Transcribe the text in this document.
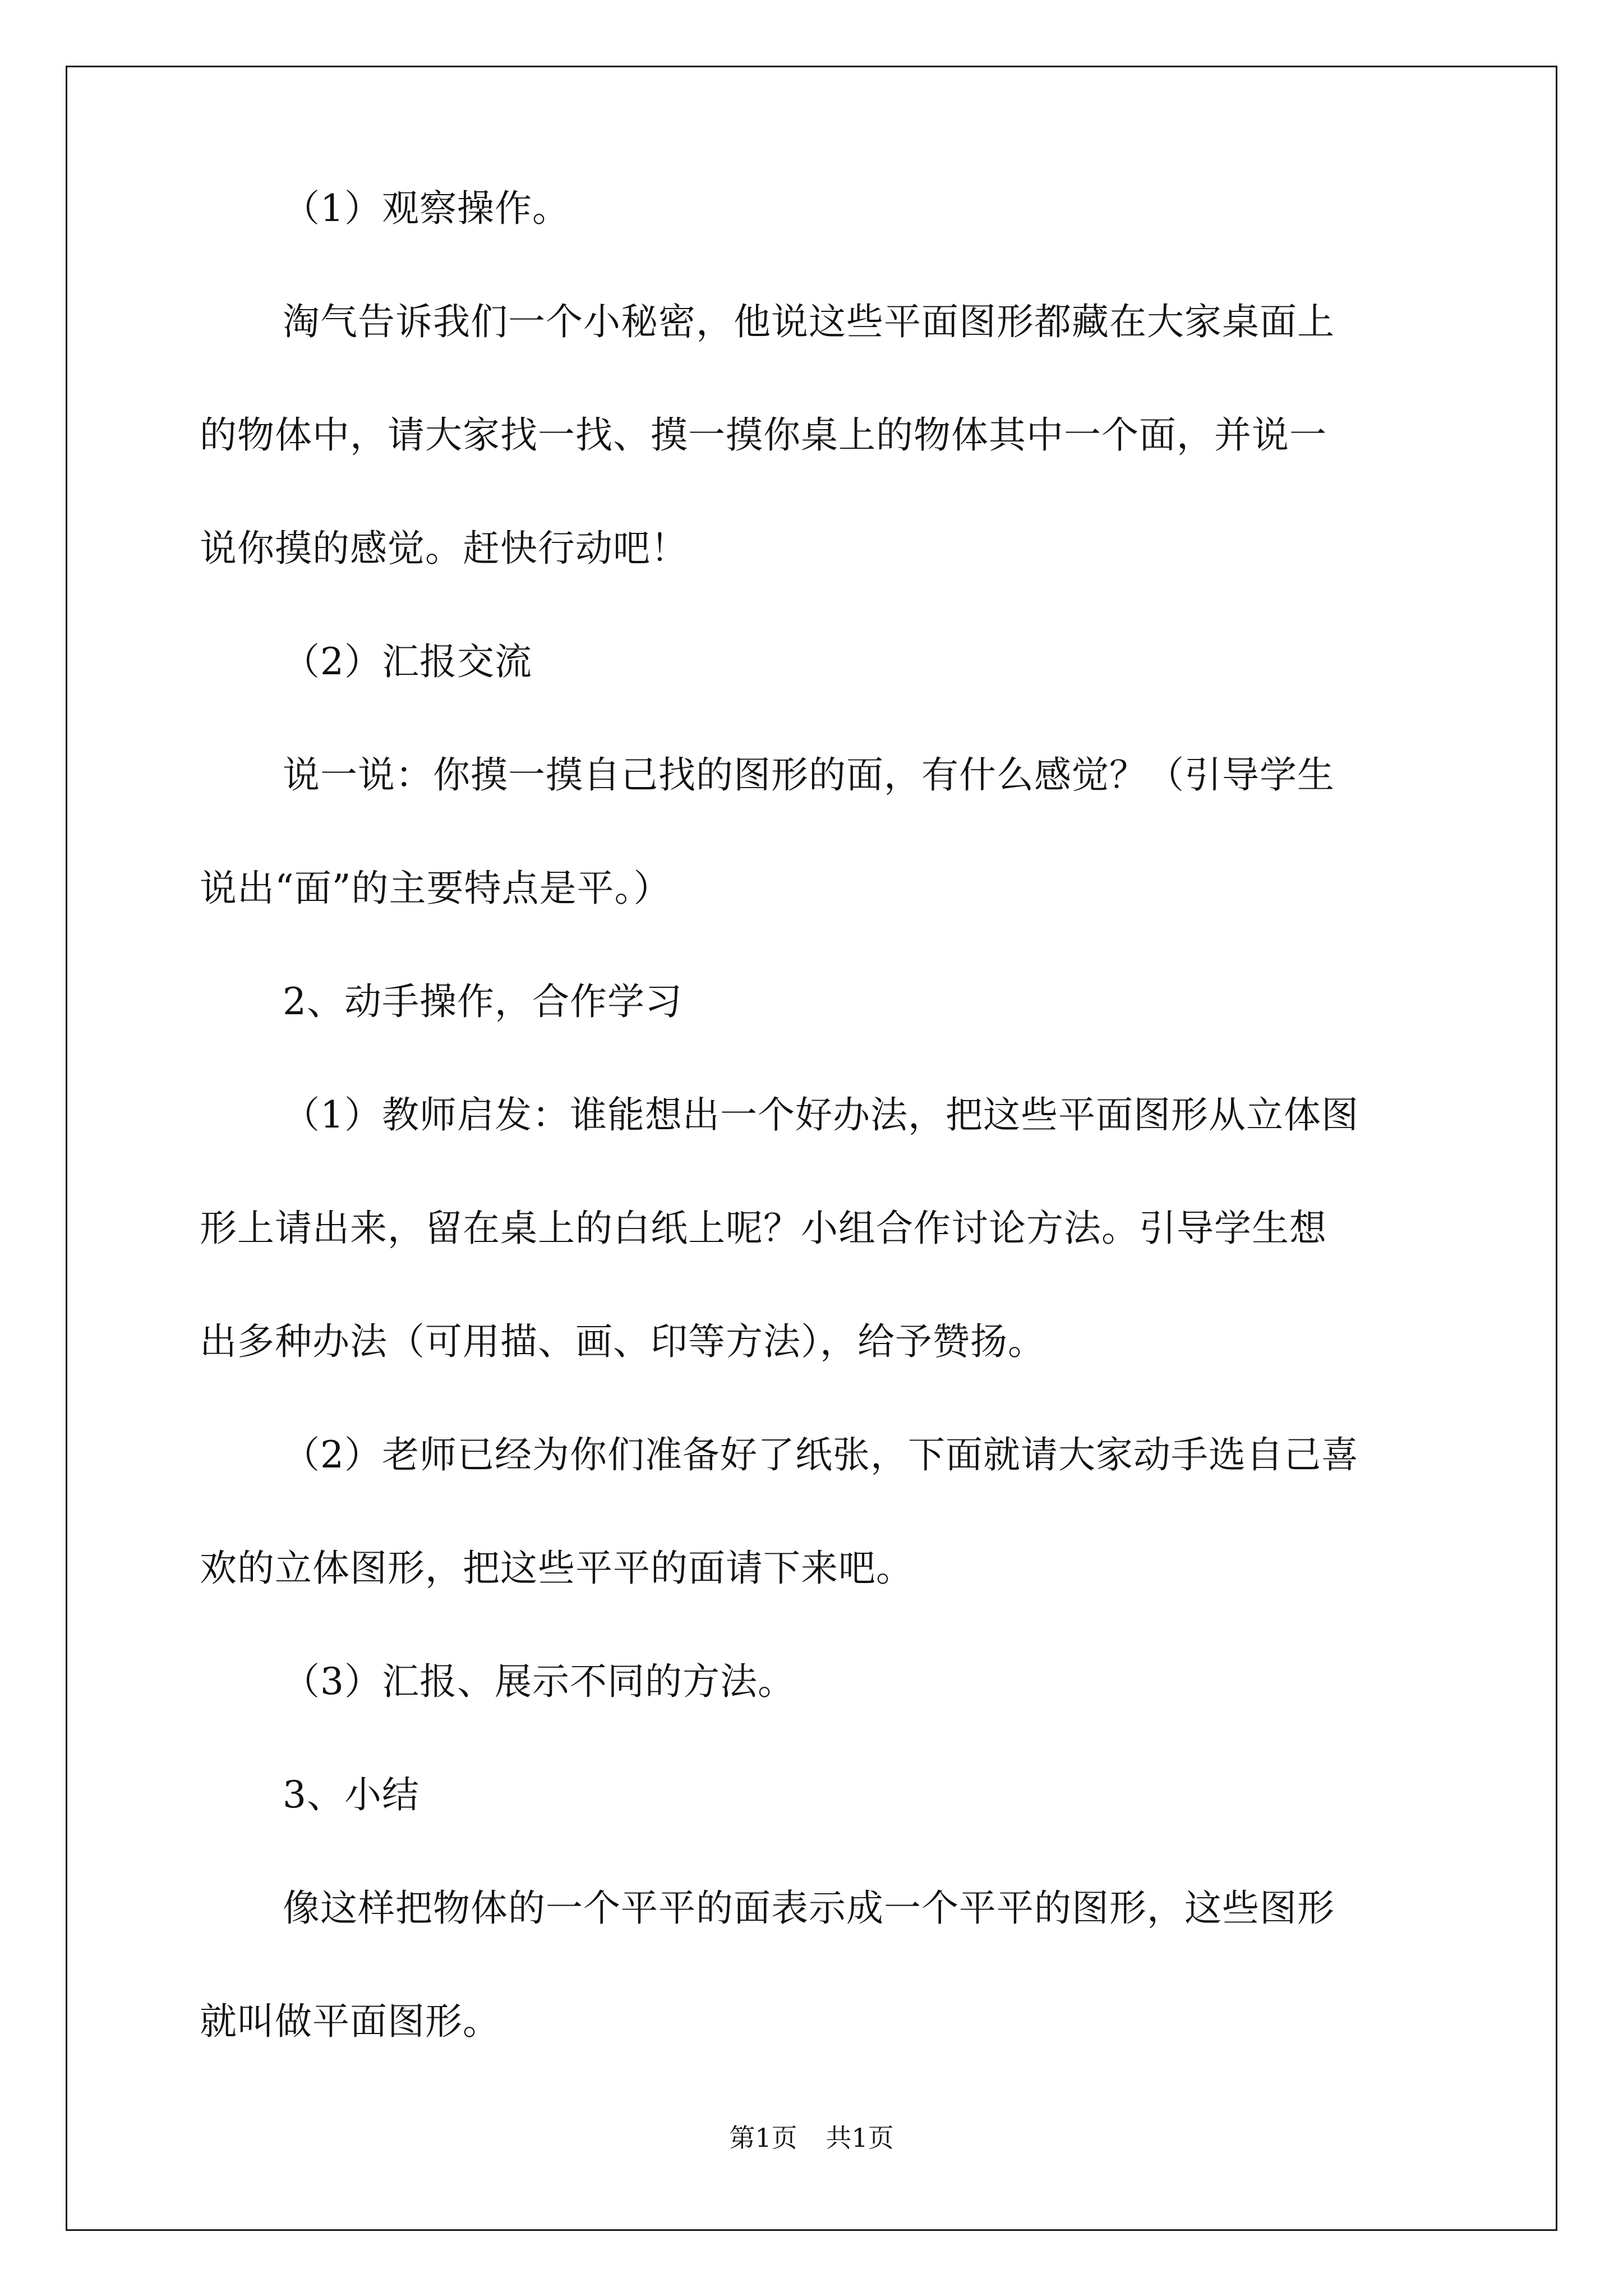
（1）观察操作。

淘气告诉我们一个小秘密，他说这些平面图形都藏在大家桌面上

的物体中，请大家找一找、摸一摸你桌上的物体其中一个面，并说一

说你摸的感觉。赶快行动吧！

（2）汇报交流

说一说：你摸一摸自己找的图形的面，有什么感觉？（引导学生

说出“面”的主要特点是平。）

2、动手操作，合作学习

（1）教师启发：谁能想出一个好办法，把这些平面图形从立体图

形上请出来，留在桌上的白纸上呢？小组合作讨论方法。引导学生想

出多种办法（可用描、画、印等方法），给予赞扬。

（2）老师已经为你们准备好了纸张，下面就请大家动手选自己喜

欢的立体图形，把这些平平的面请下来吧。

（3）汇报、展示不同的方法。

3、小结

像这样把物体的一个平平的面表示成一个平平的图形，这些图形

就叫做平面图形。

第1页 共1页
